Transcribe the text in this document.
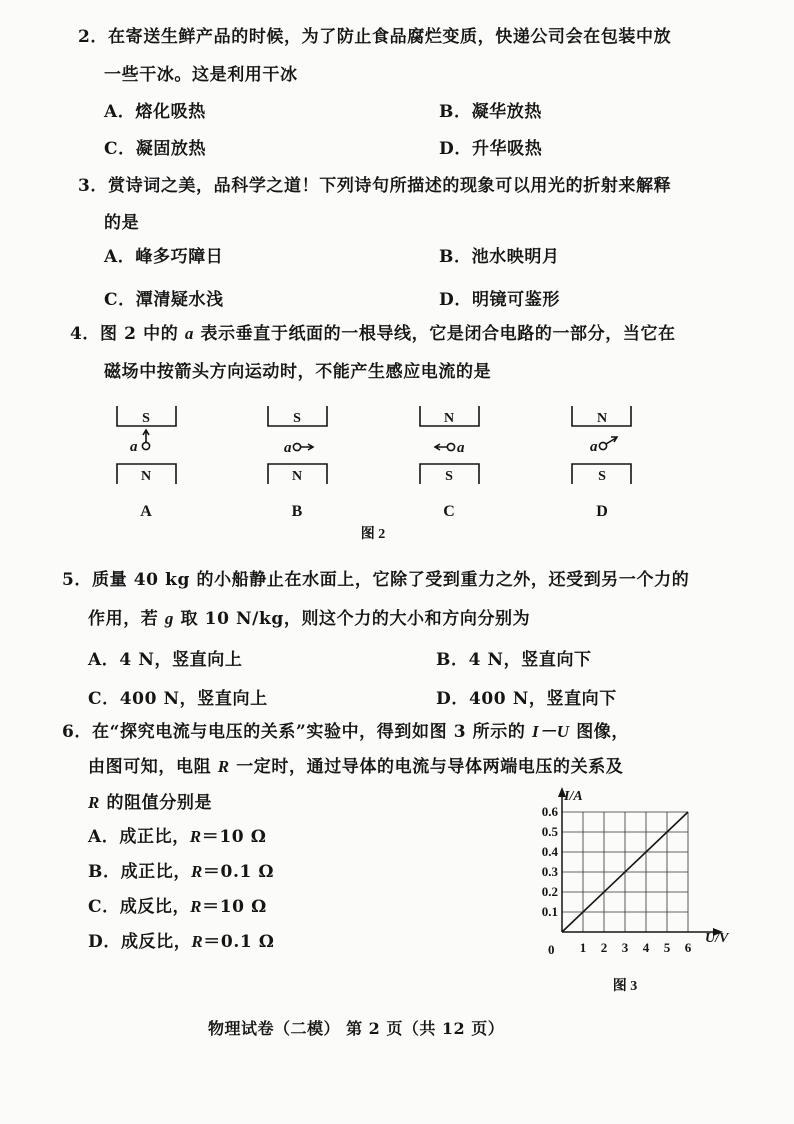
2．在寄送生鲜产品的时候，为了防止食品腐烂变质，快递公司会在包装中放
一些干冰。这是利用干冰
A．熔化吸热	B．凝华放热
C．凝固放热	D．升华吸热
3．赏诗词之美，品科学之道！下列诗句所描述的现象可以用光的折射来解释
的是
A．峰多巧障日	B．池水映明月
C．潭清疑水浅	D．明镜可鉴形
4．图 2 中的 a 表示垂直于纸面的一根导线，它是闭合电路的一部分，当它在
磁场中按箭头方向运动时，不能产生感应电流的是
S	S	N	N
N	N	S	S
a	a	a	a
A	B	C	D
图 2
5．质量 40 kg 的小船静止在水面上，它除了受到重力之外，还受到另一个力的
作用，若 g 取 10 N/kg，则这个力的大小和方向分别为
A．4 N，竖直向上	B．4 N，竖直向下
C．400 N，竖直向上	D．400 N，竖直向下
6．在“探究电流与电压的关系”实验中，得到如图 3 所示的 I－U 图像，
由图可知，电阻 R 一定时，通过导体的电流与导体两端电压的关系及
R 的阻值分别是
A．成正比，R＝10 Ω
B．成正比，R＝0.1 Ω
C．成反比，R＝10 Ω
D．成反比，R＝0.1 Ω	1 2 3 4 5 6
0.1
0.2
0.3
0.4
0.5
0.6
I/A
U/V
0
图 3
物理试卷（二模） 第 2 页（共 12 页）
